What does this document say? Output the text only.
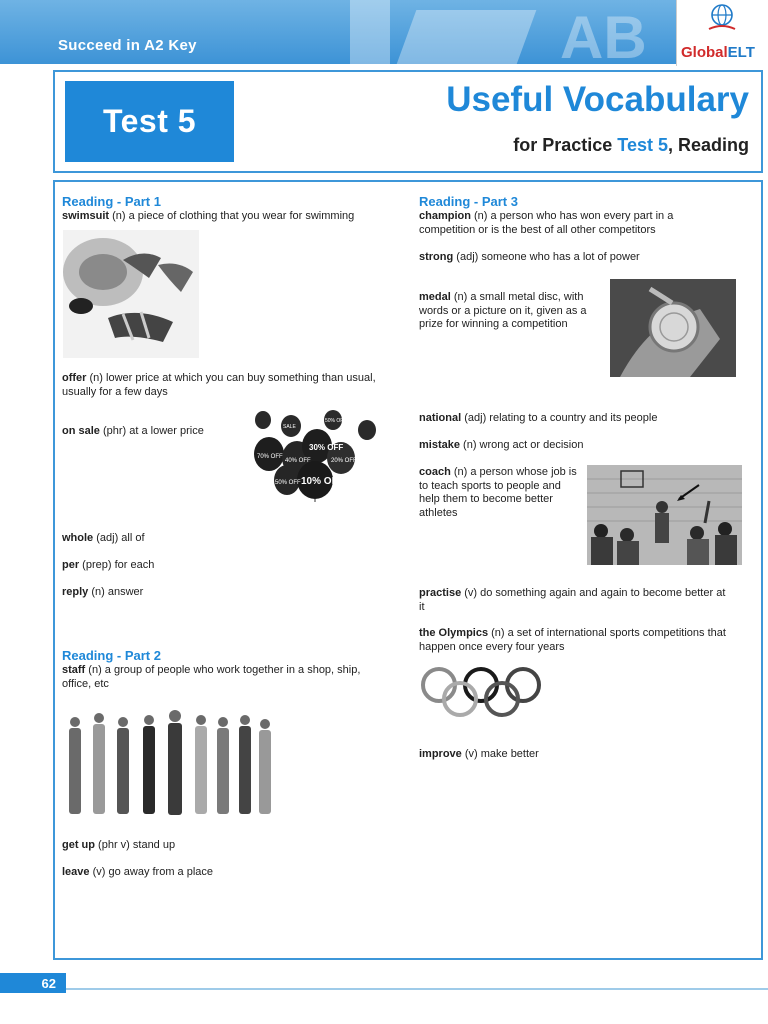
AB
Succeed in A2 Key	GlobalELT
Test 5
Useful Vocabulary
for Practice Test 5, Reading
Reading - Part 1
swimsuit (n) a piece of clothing that you wear for swimming
offer (n) lower price at which you can buy something than usual, usually for a few days
on sale (phr) at a lower price
30% OFF
10% OFF
50% OFF
40% OFF	20% OFF
70% OFF
SALE
50% OFF
whole (adj) all of
per (prep) for each
reply (n) answer
Reading - Part 2
staff (n) a group of people who work together in a shop, ship, office, etc
get up (phr v) stand up
leave (v) go away from a place
Reading - Part 3
champion (n) a person who has won every part in a competition or is the best of all other competitors
strong (adj) someone who has a lot of power
medal (n) a small metal disc, with words or a picture on it, given as a prize for winning a competition
national (adj) relating to a country and its people
mistake (n) wrong act or decision
coach (n) a person whose job is to teach sports to people and help them to become better athletes
practise (v) do something again and again to become better at it
the Olympics (n) a set of international sports competitions that happen once every four years
improve (v) make better
62
